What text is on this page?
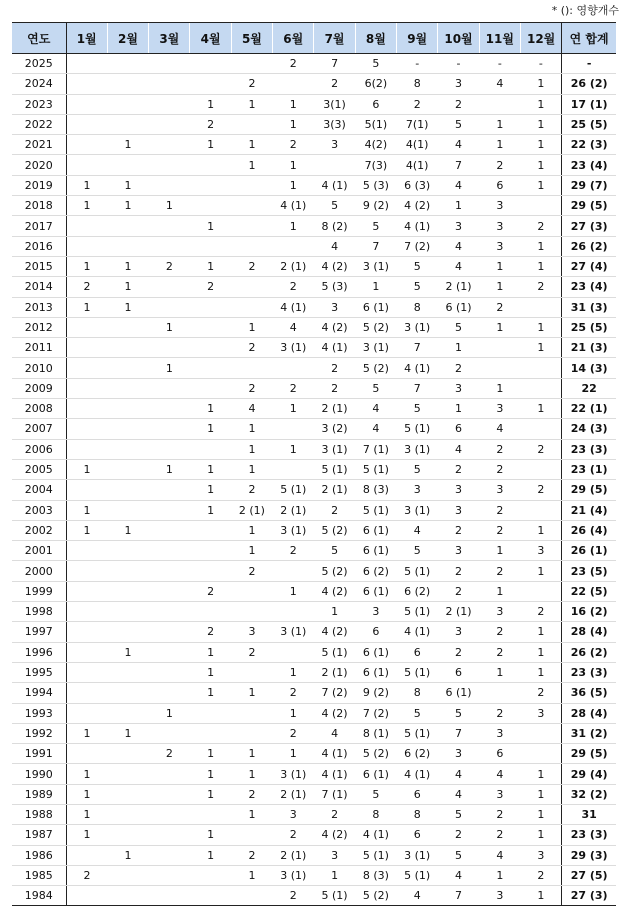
* (): 영향개수
연도	1월	2월	3월	4월	5월	6월	7월	8월	9월	10월	11월	12월	연 합계
2025						2	7	5	-	-	-	-	-
2024					2		2	6(2)	8	3	4	1	26 (2)
2023				1	1	1	3(1)	6	2	2		1	17 (1)
2022				2		1	3(3)	5(1)	7(1)	5	1	1	25 (5)
2021		1		1	1	2	3	4(2)	4(1)	4	1	1	22 (3)
2020					1	1		7(3)	4(1)	7	2	1	23 (4)
2019	1	1				1	4 (1)	5 (3)	6 (3)	4	6	1	29 (7)
2018	1	1	1			4 (1)	5	9 (2)	4 (2)	1	3		29 (5)
2017				1		1	8 (2)	5	4 (1)	3	3	2	27 (3)
2016							4	7	7 (2)	4	3	1	26 (2)
2015	1	1	2	1	2	2 (1)	4 (2)	3 (1)	5	4	1	1	27 (4)
2014	2	1		2		2	5 (3)	1	5	2 (1)	1	2	23 (4)
2013	1	1				4 (1)	3	6 (1)	8	6 (1)	2		31 (3)
2012			1		1	4	4 (2)	5 (2)	3 (1)	5	1	1	25 (5)
2011					2	3 (1)	4 (1)	3 (1)	7	1		1	21 (3)
2010			1				2	5 (2)	4 (1)	2			14 (3)
2009					2	2	2	5	7	3	1		22
2008				1	4	1	2 (1)	4	5	1	3	1	22 (1)
2007				1	1		3 (2)	4	5 (1)	6	4		24 (3)
2006					1	1	3 (1)	7 (1)	3 (1)	4	2	2	23 (3)
2005	1		1	1	1		5 (1)	5 (1)	5	2	2		23 (1)
2004				1	2	5 (1)	2 (1)	8 (3)	3	3	3	2	29 (5)
2003	1			1	2 (1)	2 (1)	2	5 (1)	3 (1)	3	2		21 (4)
2002	1	1			1	3 (1)	5 (2)	6 (1)	4	2	2	1	26 (4)
2001					1	2	5	6 (1)	5	3	1	3	26 (1)
2000					2		5 (2)	6 (2)	5 (1)	2	2	1	23 (5)
1999				2		1	4 (2)	6 (1)	6 (2)	2	1		22 (5)
1998							1	3	5 (1)	2 (1)	3	2	16 (2)
1997				2	3	3 (1)	4 (2)	6	4 (1)	3	2	1	28 (4)
1996		1		1	2		5 (1)	6 (1)	6	2	2	1	26 (2)
1995				1		1	2 (1)	6 (1)	5 (1)	6	1	1	23 (3)
1994				1	1	2	7 (2)	9 (2)	8	6 (1)		2	36 (5)
1993			1			1	4 (2)	7 (2)	5	5	2	3	28 (4)
1992	1	1				2	4	8 (1)	5 (1)	7	3		31 (2)
1991			2	1	1	1	4 (1)	5 (2)	6 (2)	3	6		29 (5)
1990	1			1	1	3 (1)	4 (1)	6 (1)	4 (1)	4	4	1	29 (4)
1989	1			1	2	2 (1)	7 (1)	5	6	4	3	1	32 (2)
1988	1				1	3	2	8	8	5	2	1	31
1987	1			1		2	4 (2)	4 (1)	6	2	2	1	23 (3)
1986		1		1	2	2 (1)	3	5 (1)	3 (1)	5	4	3	29 (3)
1985	2				1	3 (1)	1	8 (3)	5 (1)	4	1	2	27 (5)
1984						2	5 (1)	5 (2)	4	7	3	1	27 (3)
